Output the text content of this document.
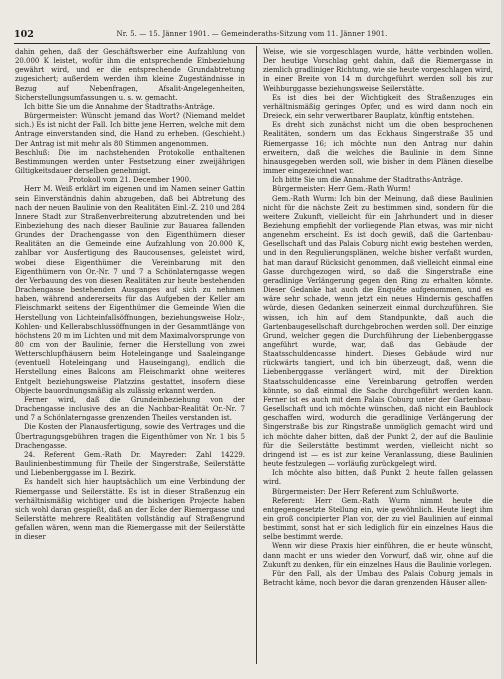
102	Nr. 5. — 15. Jänner 1901. — Gemeinderaths-Sitzung vom 11. Jänner 1901.

dahin gehen, daß der Geschäftswerber eine Aufzahlung von 20.000 K leistet, wofür ihm die entsprechende Einbeziehung gewährt wird, und er die entsprechende Grundabtretung zugesichert; außerdem werden ihm kleine Zugeständnisse in Bezug auf Nebenfragen, Afsalit-Angelegenheiten, Sicherstellungsumfassungen u. s. w. gemacht.

Ich bitte Sie um die Annahme der Stadtraths-Anträge.

Bürgermeister: Wünscht jemand das Wort? (Niemand meldet sich.) Es ist nicht der Fall. Ich bitte jene Herren, welche mit dem Antrage einverstanden sind, die Hand zu erheben. (Geschieht.) Der Antrag ist mit mehr als 80 Stimmen angenommen.

Beschluß: Die im nachstehenden Protokolle enthaltenen Bestimmungen werden unter Festsetzung einer zweijährigen Giltigkeitsdauer derselben genehmigt.

Protokoll vom 21. December 1900.

Herr M. Weiß erklärt im eigenen und im Namen seiner Gattin sein Einverständnis dahin abzugeben, daß bei Abtretung des nach der neuen Baulinie von den Realitäten Einl.-Z. 210 und 284 Innere Stadt zur Straßenverbreiterung abzutretenden und bei Einbeziehung des nach dieser Baulinie zur Bauarea fallenden Grundes der Drachengasse von den Eigenthümern dieser Realitäten an die Gemeinde eine Aufzahlung von 20.000 K, zahlbar vor Ausfertigung des Baucousenses, geleistet wird, wobei diese Eigenthümer die Vereinbarung mit den Eigenthümern von Or.-Nr. 7 und 7 a Schönlaterngasse wegen der Verbauung des von diesen Realitäten zur heute bestehenden Drachengasse bestehenden Ausganges auf sich zu nehmen haben, während andererseits für das Aufgeben der Keller am Fleischmarkt seitens der Eigenthümer die Gemeinde Wien die Herstellung von Lichteinfallsöffnungen, beziehungsweise Holz-, Kohlen- und Kellerabschlussöffnungen in der Gesammtlänge von höchstens 20 m im Lichten und mit dem Maximalvorsprunge von 80 cm von der Baulinie, ferner die Herstellung von zwei Wetterschlupfhäusern beim Hoteleingange und Saaleingange (eventuell Hoteleingang und Hauseingang), endlich die Herstellung eines Balcons am Fleischmarkt ohne weiteres Entgelt beziehungsweise Platzzins gestattet, insofern diese Objecte bauordnungsmäßig als zulässig erkannt werden.

Ferner wird, daß die Grundeinbeziehung von der Drachengasse inclusive des an die Nachbar-Realität Or.-Nr. 7 und 7 a Schönlaterngasse grenzenden Theiles verstanden ist.

Die Kosten der Planausfertigung, sowie des Vertrages und die Übertragungsgebühren tragen die Eigenthümer von Nr. 1 bis 5 Drachengasse.

24. Referent Gem.-Rath Dr. Mayreder: Zahl 14229. Baulinienbestimmung für Theile der Singerstraße, Seilerstätte und Liebenberggasse im I. Bezirk.

Es handelt sich hier hauptsächlich um eine Verbindung der Riemergasse und Seilerstätte. Es ist in dieser Straßenzug ein verhältnismäßig wichtiger und die bisherigen Projecte haben sich wohl daran gespießt, daß an der Ecke der Riemergasse und Seilerstätte mehrere Realitäten vollständig auf Straßengrund gefallen wären, wenn man die Riemergasse mit der Seilerstätte in dieser

Weise, wie sie vorgeschlagen wurde, hätte verbinden wollen. Der heutige Vorschlag geht dahin, daß die Riemergasse in ziemlich gradliniger Richtung, wie sie heute vorgeschlagen wird, in einer Breite von 14 m durchgeführt werden soll bis zur Weihburggasse beziehungsweise Seilerstätte.

Es ist dies bei der Wichtigkeit des Straßenzuges ein verhältnismäßig geringes Opfer, und es wird dann noch ein Dreieck, ein sehr verwertbarer Bauplatz, künftig entstehen.

Es dreht sich zunächst nicht um die oben besprochenen Realitäten, sondern um das Eckhaus Singerstraße 35 und Riemergasse 16; ich möchte nun den Antrag nur dahin erweitern, daß die welches die Baulinie in dem Sinne hinausgegeben werden soll, wie bisher in dem Plänen dieselbe immer eingezeichnet war.

Ich bitte Sie um die Annahme der Stadtraths-Anträge.

Bürgermeister: Herr Gem.-Rath Wurm!

Gem.-Rath Wurm: Ich bin der Meinung, daß diese Baulinien nicht für die nächste Zeit zu bestimmen sind, sondern für die weitere Zukunft, vielleicht für ein Jahrhundert und in dieser Beziehung empfiehlt der vorliegende Plan etwas, was mir nicht angenehm erscheint. Es ist doch gewiß, daß die Gartenbau-Gesellschaft und das Palais Coburg nicht ewig bestehen werden, und in den Regulierungsplänen, welche bisher verfaßt wurden, hat man darauf Rücksicht genommen, daß vielleicht einmal eine Gasse durchgezogen wird, so daß die Singerstraße eine geradlinige Verlängerung gegen den Ring zu erhalten könnte. Dieser Gedanke hat auch die Enquête aufgenommen, und es wäre sehr schade, wenn jetzt ein neues Hindernis geschaffen würde, diesen Gedanken seinerzeit einmal durchzuführen. Sie wissen, ich hin auf dem Standpunkte, daß auch die Gartenbaugesellschaft durchgebrochen werden soll. Der einzige Grund, welcher gegen die Durchführung der Liebenberggasse angeführt wurde, war, daß das Gebäude der Staatsschuldencasse hindert. Dieses Gebäude wird nur rückwärts tangiert, und ich bin überzeugt, daß, wenn die Liebenberggasse verlängert wird, mit der Direktion Staatsschuldencasse eine Vereinbarung getroffen werden könnte, so daß einmal die Sache durchgeführt werden kann. Ferner ist es auch mit dem Palais Coburg unter der Gartenbau-Gesellschaft und ich möchte wünschen, daß nicht ein Baublock geschaffen wird, wodurch die geradlinige Verlängerung der Singerstraße bis zur Ringstraße unmöglich gemacht wird und ich möchte daher bitten, daß der Punkt 2, der auf die Baulinie für die Seilerstätte bestimmt werden, vielleicht nicht so dringend ist — es ist zur keine Veranlassung, diese Baulinien heute festzulegen — vorläufig zurückgelegt wird.

Ich möchte also bitten, daß Punkt 2 heute fallen gelassen wird.

Bürgermeister: Der Herr Referent zum Schlußworte.

Referent: Herr Gem.-Rath Wurm nimmt heute die entgegengesetzte Stellung ein, wie gewöhnlich. Heute liegt ihm ein groß concipierter Plan vor, der zu viel Baulinien auf einmal bestimmt, sonst hat er sich lediglich für ein einzelnes Haus die selbe bestimmt werde.

Wenn wir diese Praxis hier einführen, die er heute wünscht, dann macht er uns wieder den Vorwurf, daß wir, ohne auf die Zukunft zu denken, für ein einzelnes Haus die Baulinie vorlegen.

Für den Fall, als der Umbau des Palais Coburg jemals in Betracht käme, noch bevor die daran grenzenden Häuser allen-
